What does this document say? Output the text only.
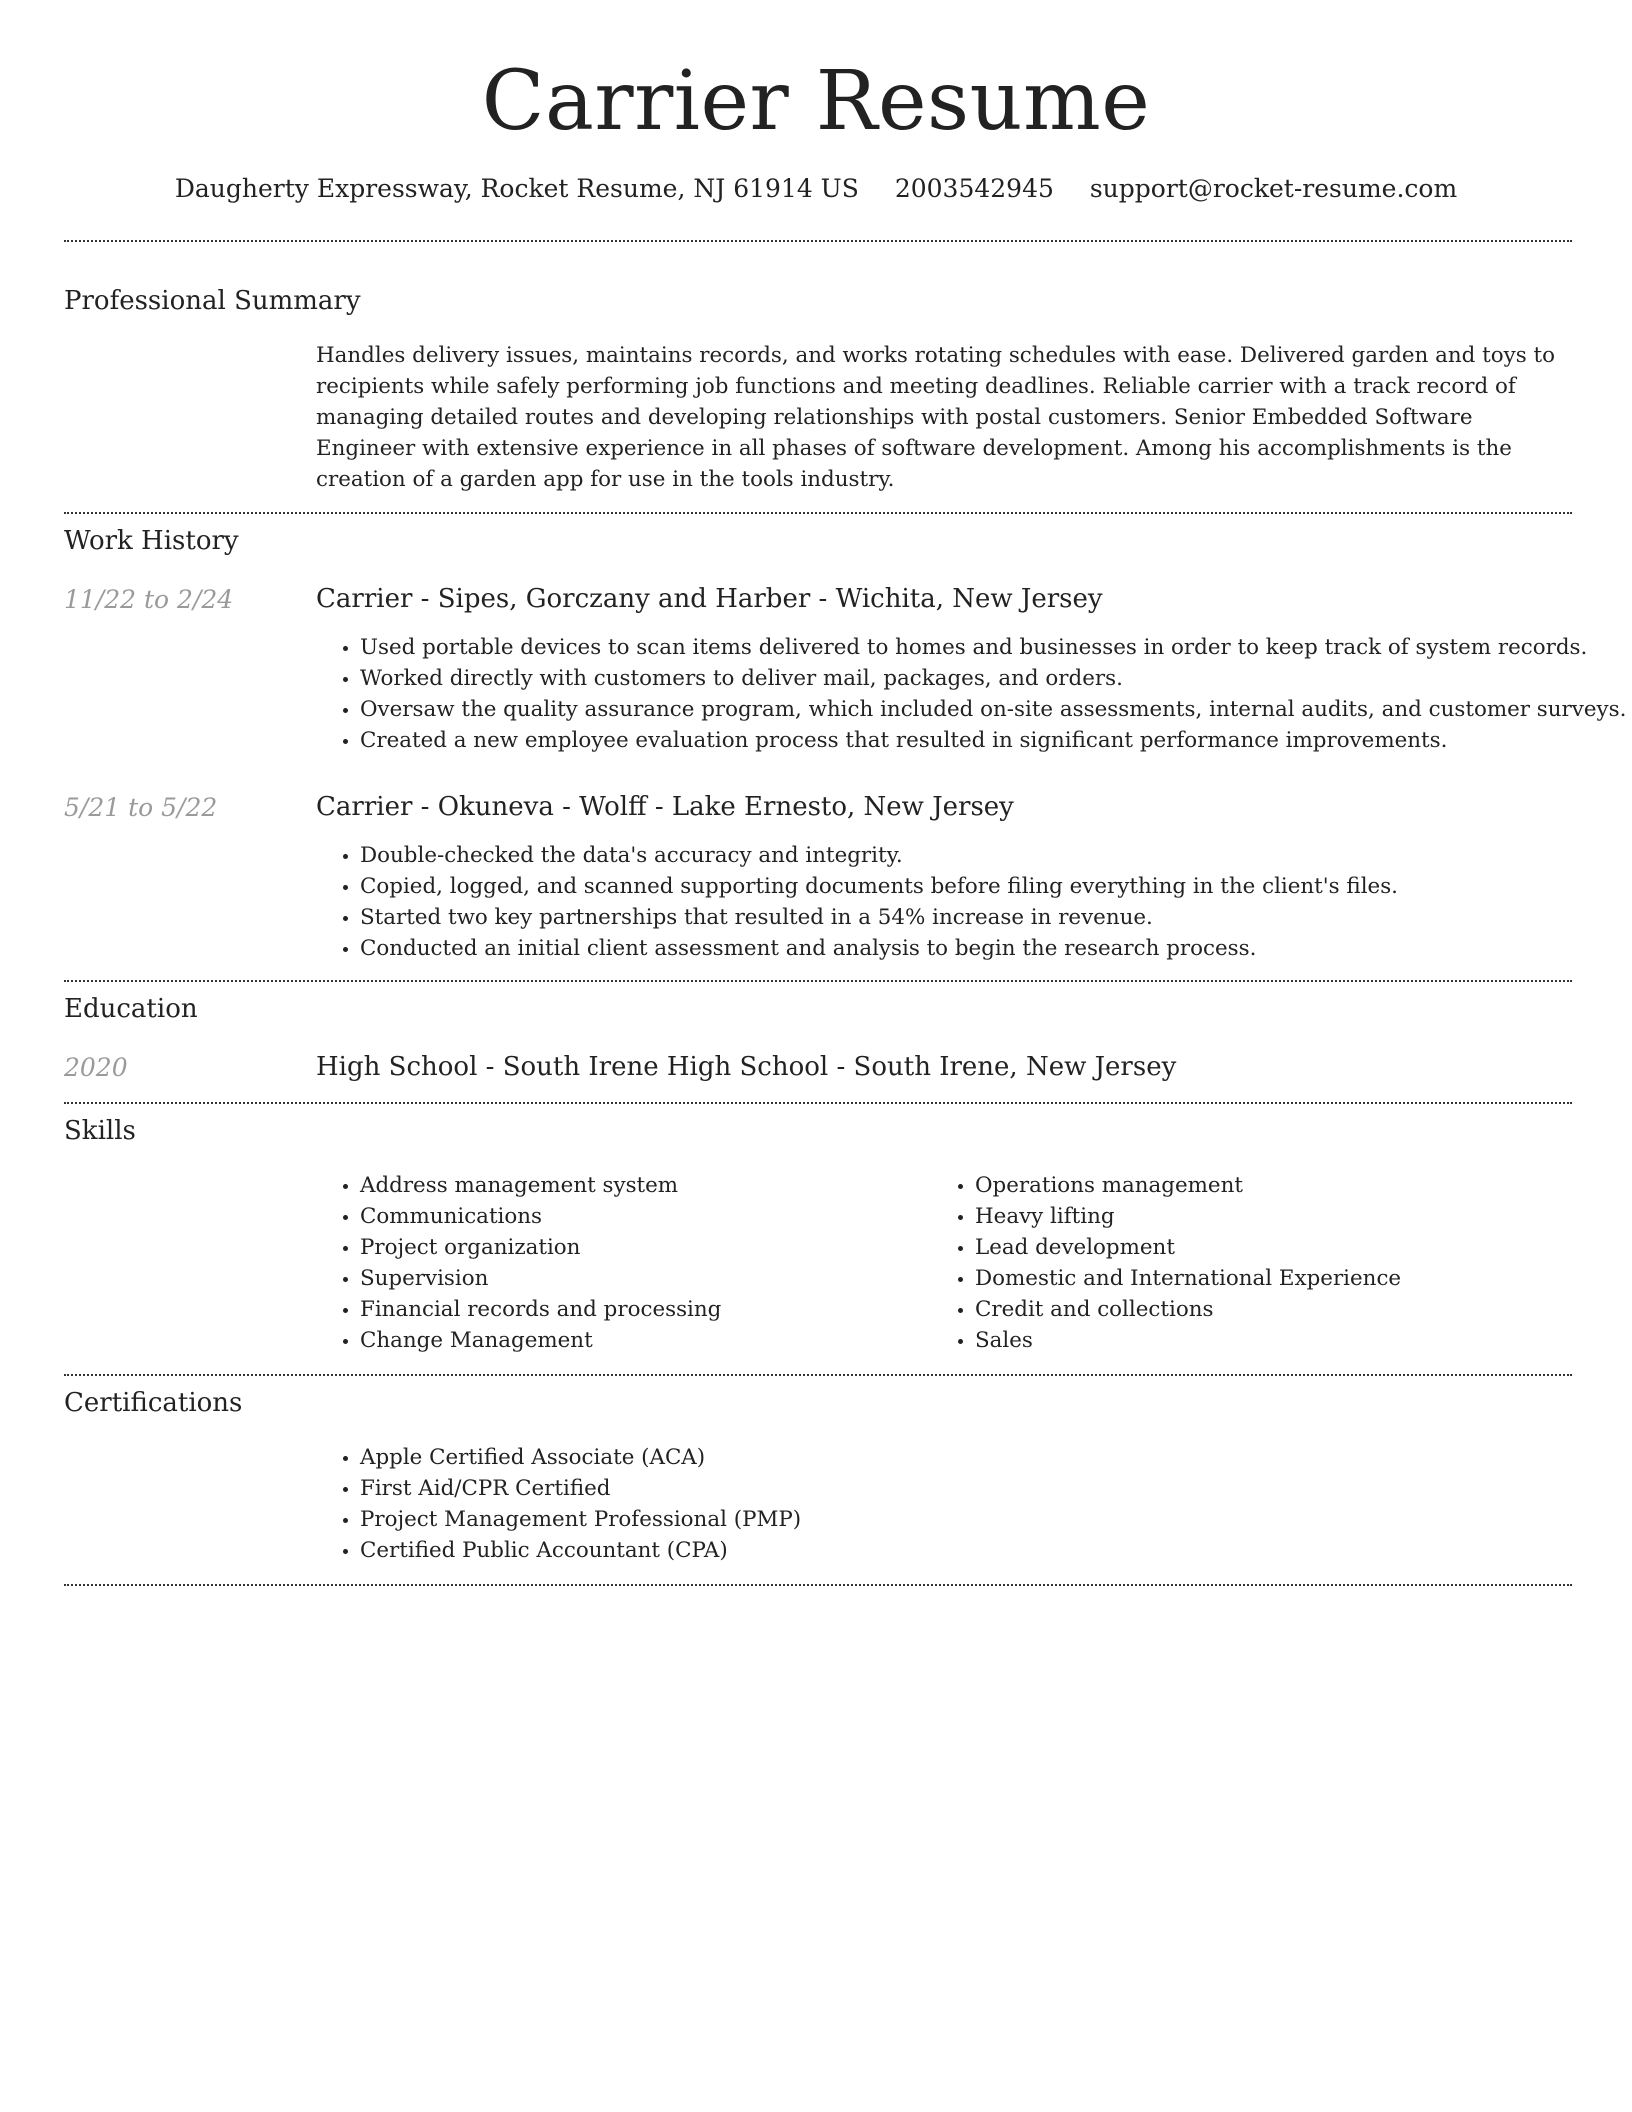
Carrier Resume
Daugherty Expressway, Rocket Resume, NJ 61914 US 2003542945 support@rocket-resume.com
Professional Summary

Handles delivery issues, maintains records, and works rotating schedules with ease. Delivered garden and toys to recipients while safely performing job functions and meeting deadlines. Reliable carrier with a track record of managing detailed routes and developing relationships with postal customers. Senior Embedded Software Engineer with extensive experience in all phases of software development. Among his accomplishments is the creation of a garden app for use in the tools industry.

Work History
11/22 to 2/24	Carrier - Sipes, Gorczany and Harber - Wichita, New Jersey
• Used portable devices to scan items delivered to homes and businesses in order to keep track of system records.
• Worked directly with customers to deliver mail, packages, and orders.
• Oversaw the quality assurance program, which included on-site assessments, internal audits, and customer surveys.
• Created a new employee evaluation process that resulted in significant performance improvements.
5/21 to 5/22	Carrier - Okuneva - Wolff - Lake Ernesto, New Jersey
• Double-checked the data's accuracy and integrity.
• Copied, logged, and scanned supporting documents before filing everything in the client's files.
• Started two key partnerships that resulted in a 54% increase in revenue.
• Conducted an initial client assessment and analysis to begin the research process.
Education
2020	High School - South Irene High School - South Irene, New Jersey
Skills
• Address management system
• Communications
• Project organization
• Supervision
• Financial records and processing
• Change Management
• Operations management
• Heavy lifting
• Lead development
• Domestic and International Experience
• Credit and collections
• Sales
Certifications
• Apple Certified Associate (ACA)
• First Aid/CPR Certified
• Project Management Professional (PMP)
• Certified Public Accountant (CPA)
